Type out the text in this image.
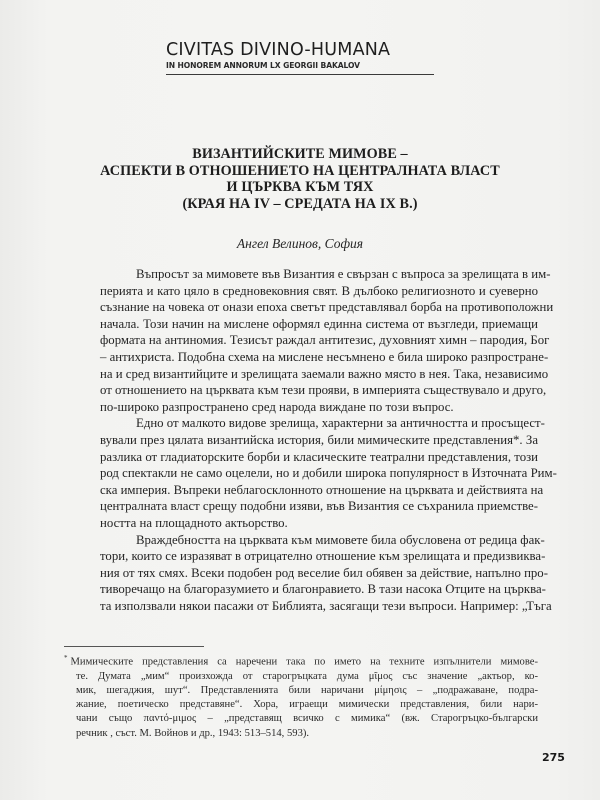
CIVITAS DIVINO-HUMANA
IN HONOREM ANNORUM LX GEORGII BAKALOV
ВИЗАНТИЙСКИТЕ МИМОВЕ –
АСПЕКТИ В ОТНОШЕНИЕТО НА ЦЕНТРАЛНАТА ВЛАСТ
И ЦЪРКВА КЪМ ТЯХ
(КРАЯ НА IV – СРЕДАТА НА IX В.)
Ангел Велинов, София
Въпросът за мимовете във Византия е свързан с въпроса за зрелищата в им-
перията и като цяло в средновековния свят. В дълбоко религиозното и суеверно
съзнание на човека от онази епоха светът представлявал борба на противоположни
начала. Този начин на мислене оформял единна система от възгледи, приемащи
формата на антиномия. Тезисът раждал антитезис, духовният химн – пародия, Бог
– антихриста. Подобна схема на мислене несъмнено е била широко разпростране-
на и сред византийците и зрелищата заемали важно място в нея. Така, независимо
от отношението на църквата към тези прояви, в империята съществувало и друго,
по-широко разпространено сред народа виждане по този въпрос.
Едно от малкото видове зрелища, характерни за античността и просъщест-
вували през цялата византийска история, били мимическите представления*. За
разлика от гладиаторските борби и класическите театрални представления, този
род спектакли не само оцелели, но и добили широка популярност в Източната Рим-
ска империя. Въпреки неблагосклонното отношение на църквата и действията на
централната власт срещу подобни изяви, във Византия се съхранила приемстве-
ността на площадното актьорство.
Враждебността на църквата към мимовете била обусловена от редица фак-
тори, които се изразяват в отрицателно отношение към зрелищата и предизвиква-
ния от тях смях. Всеки подобен род веселие бил обявен за действие, напълно про-
тиворечащо на благоразумието и благонравието. В тази насока Отците на църква-
та използвали някои пасажи от Библията, засягащи тези въпроси. Например: „Тъга
* Мимическите представления са наречени така по името на техните изпълнители мимове-
те. Думата „мим“ произхожда от старогръцката дума μῖμος със значение „актьор, ко-
мик, шегаджия, шут“. Представленията били наричани μίμησις – „подражаване, подра-
жание, поетическо представяне“. Хора, играещи мимически представления, били нари-
чани също παντό-μιμος – „представящ всичко с мимика“ (вж. Старогръцко-български
речник , съст. М. Войнов и др., 1943: 513–514, 593).
275
